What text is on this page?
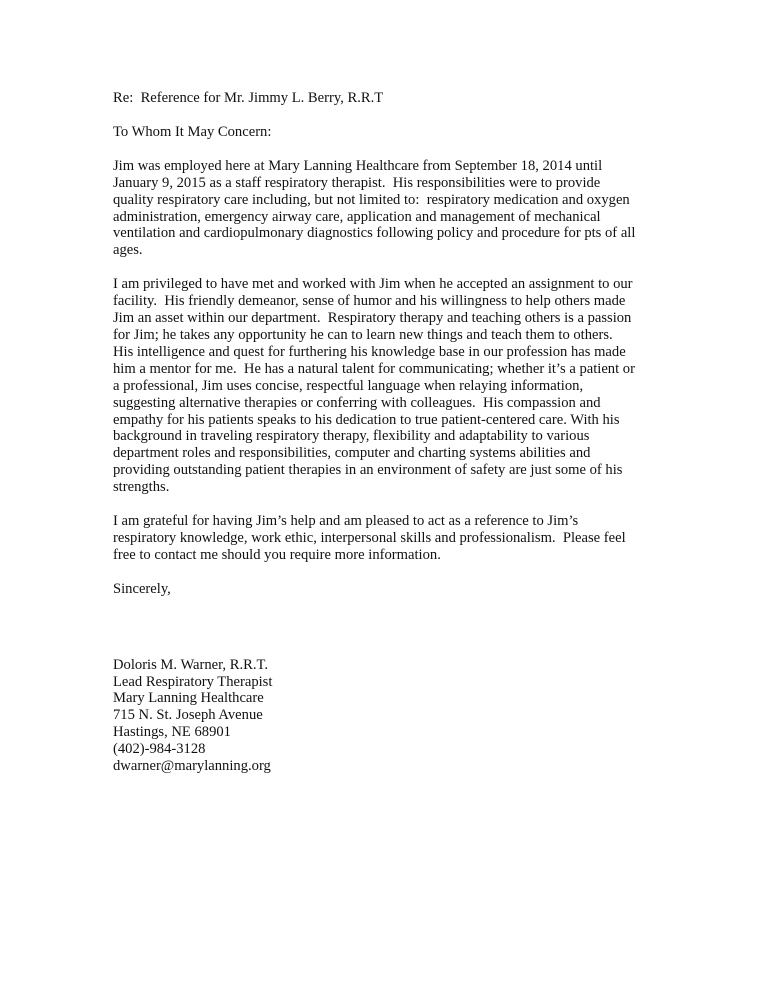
Re:  Reference for Mr. Jimmy L. Berry, R.R.T
To Whom It May Concern:
Jim was employed here at Mary Lanning Healthcare from September 18, 2014 until
January 9, 2015 as a staff respiratory therapist.  His responsibilities were to provide
quality respiratory care including, but not limited to:  respiratory medication and oxygen
administration, emergency airway care, application and management of mechanical
ventilation and cardiopulmonary diagnostics following policy and procedure for pts of all
ages.
I am privileged to have met and worked with Jim when he accepted an assignment to our
facility.  His friendly demeanor, sense of humor and his willingness to help others made
Jim an asset within our department.  Respiratory therapy and teaching others is a passion
for Jim; he takes any opportunity he can to learn new things and teach them to others.
His intelligence and quest for furthering his knowledge base in our profession has made
him a mentor for me.  He has a natural talent for communicating; whether it’s a patient or
a professional, Jim uses concise, respectful language when relaying information,
suggesting alternative therapies or conferring with colleagues.  His compassion and
empathy for his patients speaks to his dedication to true patient-centered care. With his
background in traveling respiratory therapy, flexibility and adaptability to various
department roles and responsibilities, computer and charting systems abilities and
providing outstanding patient therapies in an environment of safety are just some of his
strengths.
I am grateful for having Jim’s help and am pleased to act as a reference to Jim’s
respiratory knowledge, work ethic, interpersonal skills and professionalism.  Please feel
free to contact me should you require more information.
Sincerely,
Doloris M. Warner, R.R.T.
Lead Respiratory Therapist
Mary Lanning Healthcare
715 N. St. Joseph Avenue
Hastings, NE 68901
(402)-984-3128
dwarner@marylanning.org
